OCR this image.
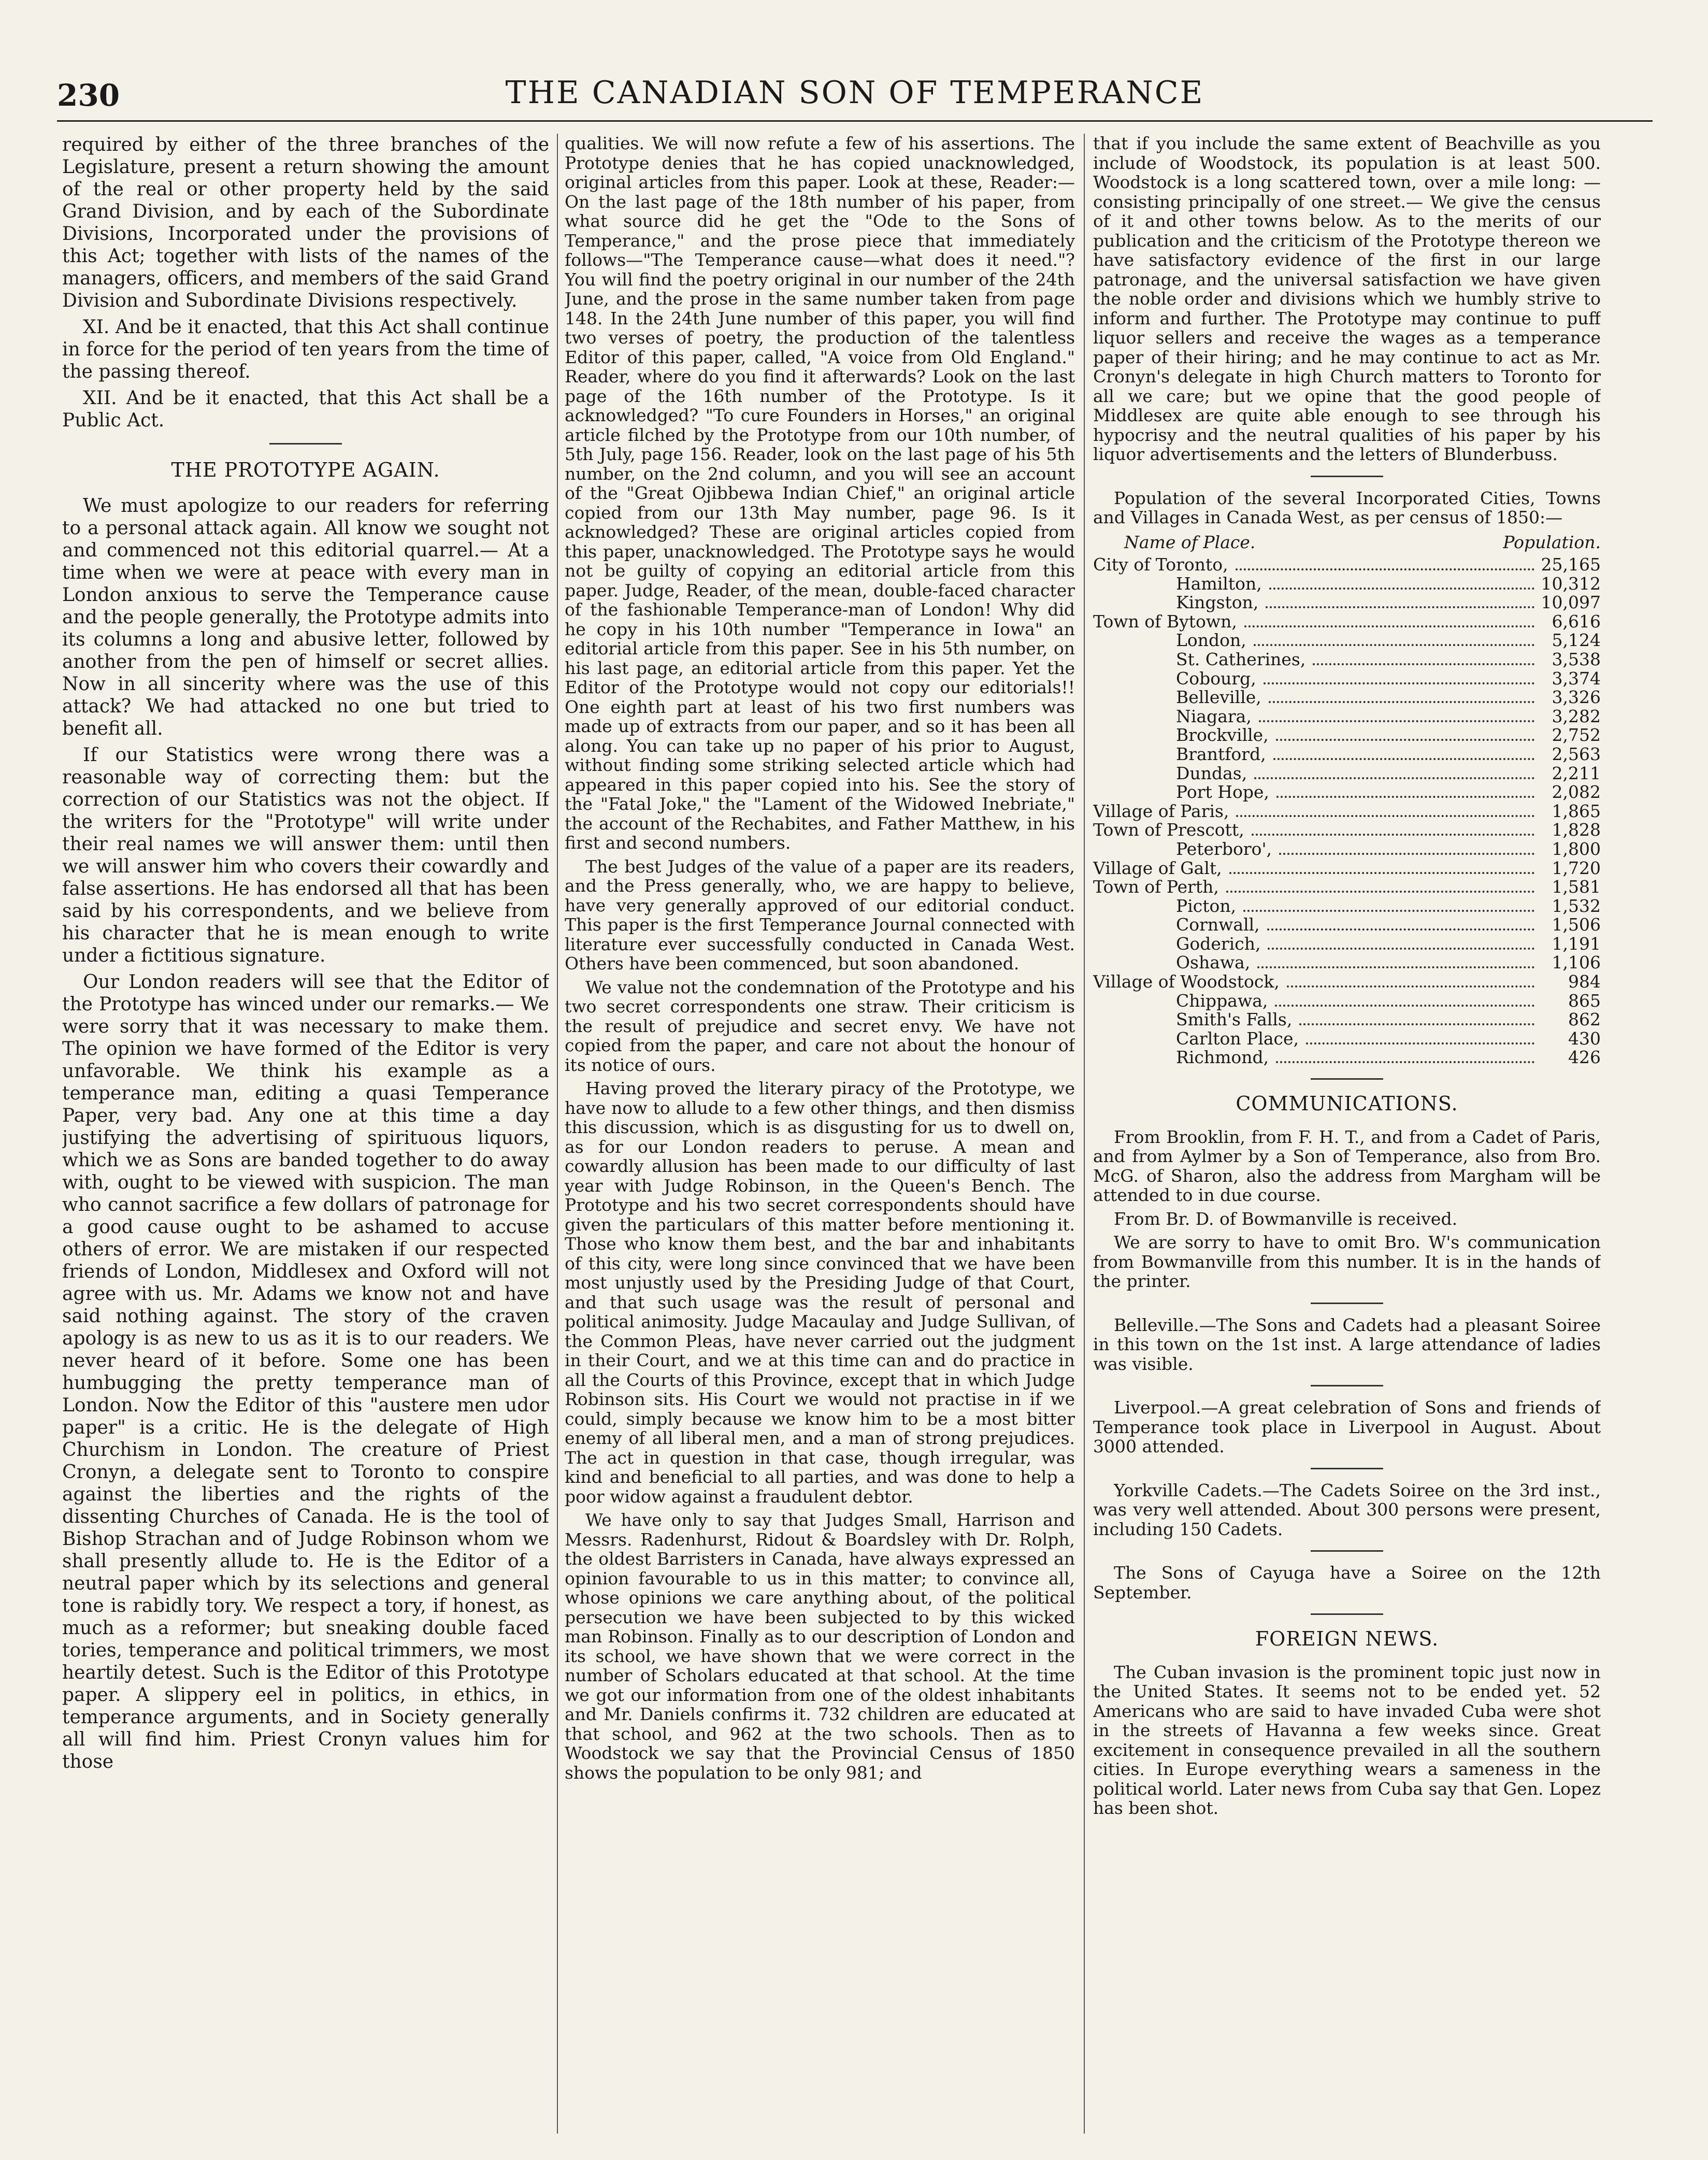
230	THE CANADIAN SON OF TEMPERANCE

required by either of the three branches of the Legislature, present a return showing the amount of the real or other property held by the said Grand Division, and by each of the Subordinate Divisions, Incorporated under the provisions of this Act; together with lists of the names of the managers, officers, and members of the said Grand Division and Subordinate Divisions respectively.

XI. And be it enacted, that this Act shall continue in force for the period of ten years from the time of the passing thereof.

XII. And be it enacted, that this Act shall be a Public Act.

THE PROTOTYPE AGAIN.

We must apologize to our readers for referring to a personal attack again. All know we sought not and commenced not this editorial quarrel.— At a time when we were at peace with every man in London anxious to serve the Temperance cause and the people generally, the Prototype admits into its columns a long and abusive letter, followed by another from the pen of himself or secret allies. Now in all sincerity where was the use of this attack? We had attacked no one but tried to benefit all.

If our Statistics were wrong there was a reasonable way of correcting them: but the correction of our Statistics was not the object. If the writers for the "Prototype" will write under their real names we will answer them: until then we will answer him who covers their cowardly and false assertions. He has endorsed all that has been said by his correspondents, and we believe from his character that he is mean enough to write under a fictitious signature.

Our London readers will see that the Editor of the Prototype has winced under our remarks.— We were sorry that it was necessary to make them. The opinion we have formed of the Editor is very unfavorable. We think his example as a temperance man, editing a quasi Temperance Paper, very bad. Any one at this time a day justifying the advertising of spirituous liquors, which we as Sons are banded together to do away with, ought to be viewed with suspicion. The man who cannot sacrifice a few dollars of patronage for a good cause ought to be ashamed to accuse others of error. We are mistaken if our respected friends of London, Middlesex and Oxford will not agree with us. Mr. Adams we know not and have said nothing against. The story of the craven apology is as new to us as it is to our readers. We never heard of it before. Some one has been humbugging the pretty temperance man of London. Now the Editor of this "austere men udor paper" is a critic. He is the delegate of High Churchism in London. The creature of Priest Cronyn, a delegate sent to Toronto to conspire against the liberties and the rights of the dissenting Churches of Canada. He is the tool of Bishop Strachan and of Judge Robinson whom we shall presently allude to. He is the Editor of a neutral paper which by its selections and general tone is rabidly tory. We respect a tory, if honest, as much as a reformer; but sneaking double faced tories, temperance and political trimmers, we most heartily detest. Such is the Editor of this Prototype paper. A slippery eel in politics, in ethics, in temperance arguments, and in Society generally all will find him. Priest Cronyn values him for those

qualities. We will now refute a few of his assertions. The Prototype denies that he has copied unacknowledged, original articles from this paper. Look at these, Reader:— On the last page of the 18th number of his paper, from what source did he get the "Ode to the Sons of Temperance," and the prose piece that immediately follows—"The Temperance cause—what does it need."? You will find the poetry original in our number of the 24th June, and the prose in the same number taken from page 148. In the 24th June number of this paper, you will find two verses of poetry, the production of the talentless Editor of this paper, called, "A voice from Old England." Reader, where do you find it afterwards? Look on the last page of the 16th number of the Prototype. Is it acknowledged? "To cure Founders in Horses," an original article filched by the Prototype from our 10th number, of 5th July, page 156. Reader, look on the last page of his 5th number, on the 2nd column, and you will see an account of the "Great Ojibbewa Indian Chief," an original article copied from our 13th May number, page 96. Is it acknowledged? These are original articles copied from this paper, unacknowledged. The Prototype says he would not be guilty of copying an editorial article from this paper. Judge, Reader, of the mean, double-faced character of the fashionable Temperance-man of London! Why did he copy in his 10th number "Temperance in Iowa" an editorial article from this paper. See in his 5th number, on his last page, an editorial article from this paper. Yet the Editor of the Prototype would not copy our editorials!! One eighth part at least of his two first numbers was made up of extracts from our paper, and so it has been all along. You can take up no paper of his prior to August, without finding some striking selected article which had appeared in this paper copied into his. See the story of the "Fatal Joke," the "Lament of the Widowed Inebriate," the account of the Rechabites, and Father Matthew, in his first and second numbers.

The best Judges of the value of a paper are its readers, and the Press generally, who, we are happy to believe, have very generally approved of our editorial conduct. This paper is the first Temperance Journal connected with literature ever successfully conducted in Canada West. Others have been commenced, but soon abandoned.

We value not the condemnation of the Prototype and his two secret correspondents one straw. Their criticism is the result of prejudice and secret envy. We have not copied from the paper, and care not about the honour of its notice of ours.

Having proved the literary piracy of the Prototype, we have now to allude to a few other things, and then dismiss this discussion, which is as disgusting for us to dwell on, as for our London readers to peruse. A mean and cowardly allusion has been made to our difficulty of last year with Judge Robinson, in the Queen's Bench. The Prototype and his two secret correspondents should have given the particulars of this matter before mentioning it. Those who know them best, and the bar and inhabitants of this city, were long since convinced that we have been most unjustly used by the Presiding Judge of that Court, and that such usage was the result of personal and political animosity. Judge Macaulay and Judge Sullivan, of the Common Pleas, have never carried out the judgment in their Court, and we at this time can and do practice in all the Courts of this Province, except that in which Judge Robinson sits. His Court we would not practise in if we could, simply because we know him to be a most bitter enemy of all liberal men, and a man of strong prejudices. The act in question in that case, though irregular, was kind and beneficial to all parties, and was done to help a poor widow against a fraudulent debtor.

We have only to say that Judges Small, Harrison and Messrs. Radenhurst, Ridout & Boardsley with Dr. Rolph, the oldest Barristers in Canada, have always expressed an opinion favourable to us in this matter; to convince all, whose opinions we care anything about, of the political persecution we have been subjected to by this wicked man Robinson. Finally as to our description of London and its school, we have shown that we were correct in the number of Scholars educated at that school. At the time we got our information from one of the oldest inhabitants and Mr. Daniels confirms it. 732 children are educated at that school, and 962 at the two schools. Then as to Woodstock we say that the Provincial Census of 1850 shows the population to be only 981; and

that if you include the same extent of Beachville as you include of Woodstock, its population is at least 500. Woodstock is a long scattered town, over a mile long: — consisting principally of one street.— We give the census of it and other towns below. As to the merits of our publication and the criticism of the Prototype thereon we have satisfactory evidence of the first in our large patronage, and the universal satisfaction we have given the noble order and divisions which we humbly strive to inform and further. The Prototype may continue to puff liquor sellers and receive the wages as a temperance paper of their hiring; and he may continue to act as Mr. Cronyn's delegate in high Church matters to Toronto for all we care; but we opine that the good people of Middlesex are quite able enough to see through his hypocrisy and the neutral qualities of his paper by his liquor advertisements and the letters of Blunderbuss.

Population of the several Incorporated Cities, Towns and Villages in Canada West, as per census of 1850:—
Name of Place.	Population.
City of Toronto,	25,165
Hamilton,	10,312
Kingston,	10,097
Town of Bytown,	6,616
London,	5,124
St. Catherines,	3,538
Cobourg,	3,374
Belleville,	3,326
Niagara,	3,282
Brockville,	2,752
Brantford,	2,563
Dundas,	2,211
Port Hope,	2,082
Village of Paris,	1,865
Town of Prescott,	1,828
Peterboro',	1,800
Village of Galt,	1,720
Town of Perth,	1,581
Picton,	1,532
Cornwall,	1,506
Goderich,	1,191
Oshawa,	1,106
Village of Woodstock,	984
Chippawa,	865
Smith's Falls,	862
Carlton Place,	430
Richmond,	426
COMMUNICATIONS.

From Brooklin, from F. H. T., and from a Cadet of Paris, and from Aylmer by a Son of Temperance, also from Bro. McG. of Sharon, also the address from Margham will be attended to in due course.

From Br. D. of Bowmanville is received.

We are sorry to have to omit Bro. W's communication from Bowmanville from this number. It is in the hands of the printer.

Belleville.—The Sons and Cadets had a pleasant Soiree in this town on the 1st inst. A large attendance of ladies was visible.

Liverpool.—A great celebration of Sons and friends of Temperance took place in Liverpool in August. About 3000 attended.

Yorkville Cadets.—The Cadets Soiree on the 3rd inst., was very well attended. About 300 persons were present, including 150 Cadets.

The Sons of Cayuga have a Soiree on the 12th September.

FOREIGN NEWS.

The Cuban invasion is the prominent topic just now in the United States. It seems not to be ended yet. 52 Americans who are said to have invaded Cuba were shot in the streets of Havanna a few weeks since. Great excitement in consequence prevailed in all the southern cities. In Europe everything wears a sameness in the political world. Later news from Cuba say that Gen. Lopez has been shot.
